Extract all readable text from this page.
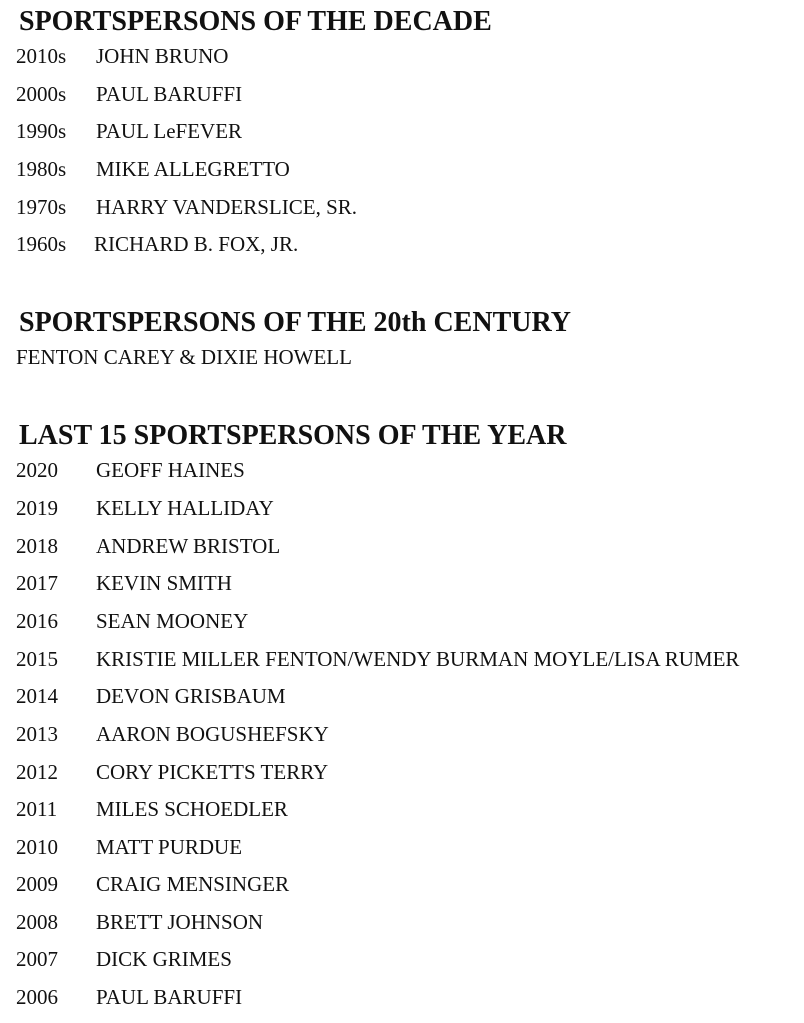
SPORTSPERSONS OF THE DECADE
2010s JOHN BRUNO
2000s PAUL BARUFFI
1990s PAUL LeFEVER
1980s MIKE ALLEGRETTO
1970s HARRY VANDERSLICE, SR.
1960s RICHARD B. FOX, JR.
SPORTSPERSONS OF THE 20th CENTURY
FENTON CAREY & DIXIE HOWELL
LAST 15 SPORTSPERSONS OF THE YEAR
2020 GEOFF HAINES
2019 KELLY HALLIDAY
2018 ANDREW BRISTOL
2017 KEVIN SMITH
2016 SEAN MOONEY
2015 KRISTIE MILLER FENTON/WENDY BURMAN MOYLE/LISA RUMER
2014 DEVON GRISBAUM
2013 AARON BOGUSHEFSKY
2012 CORY PICKETTS TERRY
2011 MILES SCHOEDLER
2010 MATT PURDUE
2009 CRAIG MENSINGER
2008 BRETT JOHNSON
2007 DICK GRIMES
2006 PAUL BARUFFI
